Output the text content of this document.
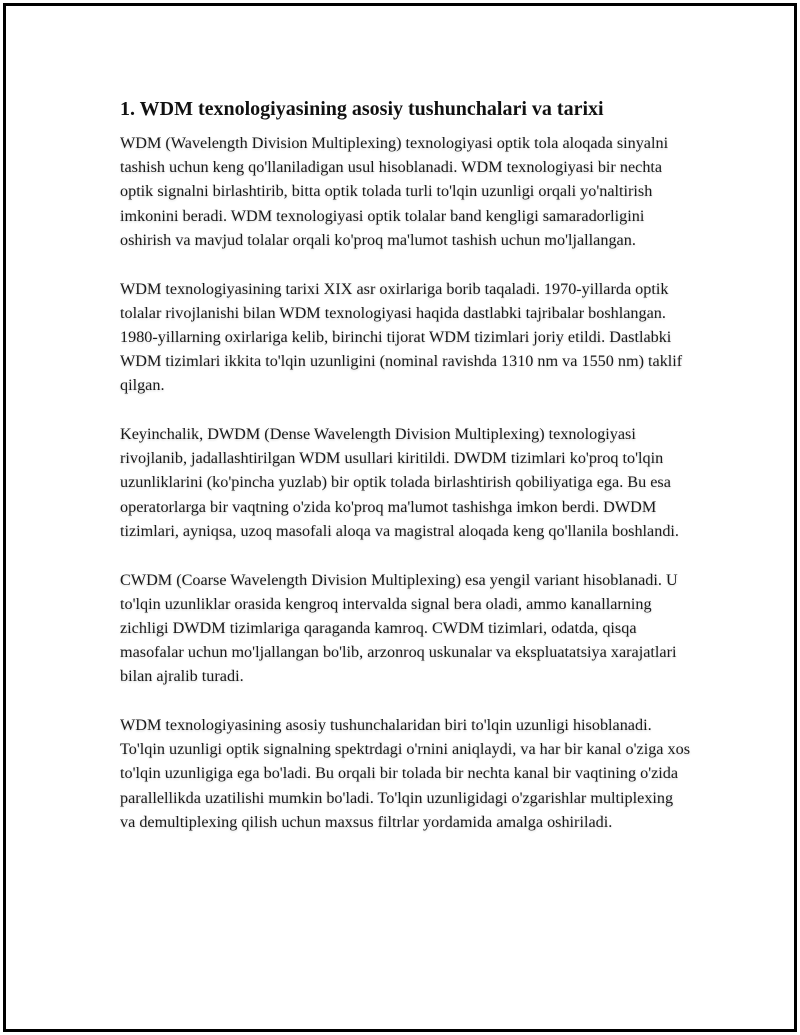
1. WDM texnologiyasining asosiy tushunchalari va tarixi

WDM (Wavelength Division Multiplexing) texnologiyasi optik tola aloqada sinyalni tashish uchun keng qo'llaniladigan usul hisoblanadi. WDM texnologiyasi bir nechta optik signalni birlashtirib, bitta optik tolada turli to'lqin uzunligi orqali yo'naltirish imkonini beradi. WDM texnologiyasi optik tolalar band kengligi samaradorligini oshirish va mavjud tolalar orqali ko'proq ma'lumot tashish uchun mo'ljallangan.

WDM texnologiyasining tarixi XIX asr oxirlariga borib taqaladi. 1970-yillarda optik tolalar rivojlanishi bilan WDM texnologiyasi haqida dastlabki tajribalar boshlangan. 1980-yillarning oxirlariga kelib, birinchi tijorat WDM tizimlari joriy etildi. Dastlabki WDM tizimlari ikkita to'lqin uzunligini (nominal ravishda 1310 nm va 1550 nm) taklif qilgan.

Keyinchalik, DWDM (Dense Wavelength Division Multiplexing) texnologiyasi rivojlanib, jadallashtirilgan WDM usullari kiritildi. DWDM tizimlari ko'proq to'lqin uzunliklarini (ko'pincha yuzlab) bir optik tolada birlashtirish qobiliyatiga ega. Bu esa operatorlarga bir vaqtning o'zida ko'proq ma'lumot tashishga imkon berdi. DWDM tizimlari, ayniqsa, uzoq masofali aloqa va magistral aloqada keng qo'llanila boshlandi.

CWDM (Coarse Wavelength Division Multiplexing) esa yengil variant hisoblanadi. U to'lqin uzunliklar orasida kengroq intervalda signal bera oladi, ammo kanallarning zichligi DWDM tizimlariga qaraganda kamroq. CWDM tizimlari, odatda, qisqa masofalar uchun mo'ljallangan bo'lib, arzonroq uskunalar va ekspluatatsiya xarajatlari bilan ajralib turadi.

WDM texnologiyasining asosiy tushunchalaridan biri to'lqin uzunligi hisoblanadi. To'lqin uzunligi optik signalning spektrdagi o'rnini aniqlaydi, va har bir kanal o'ziga xos to'lqin uzunligiga ega bo'ladi. Bu orqali bir tolada bir nechta kanal bir vaqtining o'zida parallellikda uzatilishi mumkin bo'ladi. To'lqin uzunligidagi o'zgarishlar multiplexing va demultiplexing qilish uchun maxsus filtrlar yordamida amalga oshiriladi.
